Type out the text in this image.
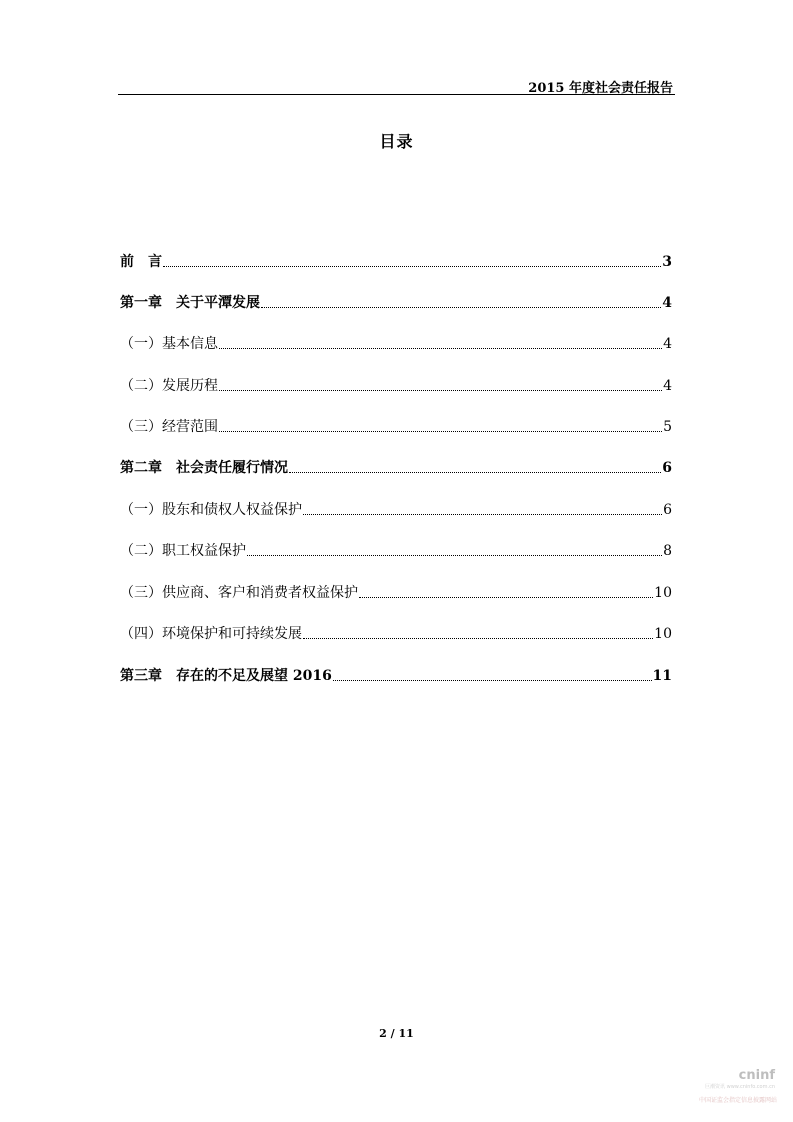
2015 年度社会责任报告
目录
前　言	3
第一章　关于平潭发展	4
（一）基本信息	4
（二）发展历程	4
（三）经营范围	5
第二章　社会责任履行情况	6
（一）股东和债权人权益保护	6
（二）职工权益保护	8
（三）供应商、客户和消费者权益保护	10
（四）环境保护和可持续发展	10
第三章　存在的不足及展望 2016	11
2 / 11
cninf
巨潮资讯 www.cninfo.com.cn
中国证监会指定信息披露网站
